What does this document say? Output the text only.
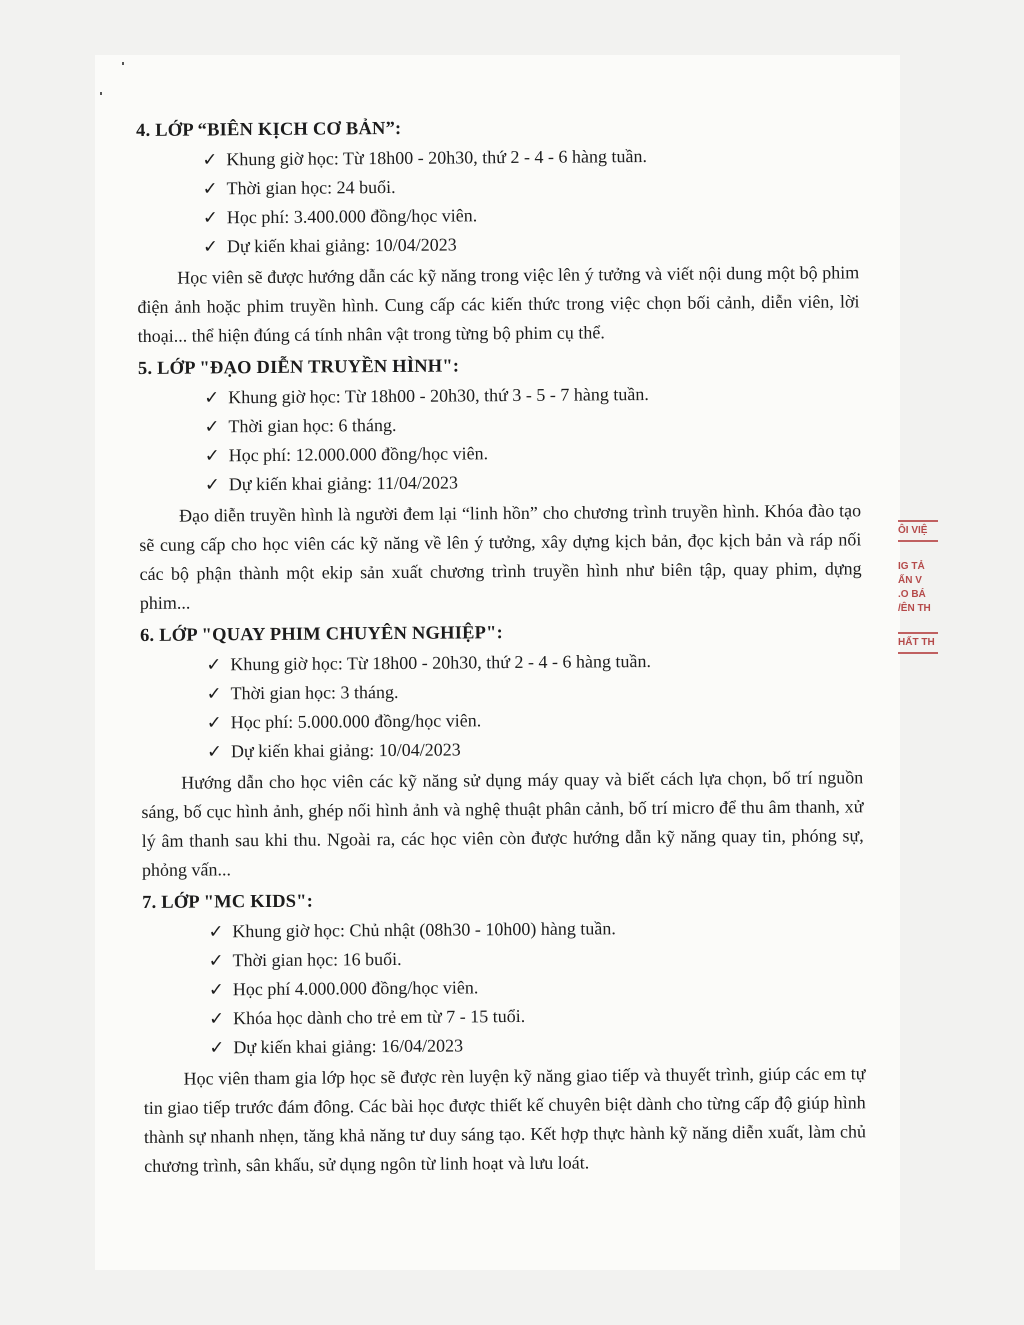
4. LỚP “BIÊN KỊCH CƠ BẢN”:
✓ Khung giờ học: Từ 18h00 - 20h30, thứ 2 - 4 - 6 hàng tuần.
✓ Thời gian học: 24 buổi.
✓ Học phí: 3.400.000 đồng/học viên.
✓ Dự kiến khai giảng: 10/04/2023

Học viên sẽ được hướng dẫn các kỹ năng trong việc lên ý tưởng và viết nội dung một bộ phim điện ảnh hoặc phim truyền hình. Cung cấp các kiến thức trong việc chọn bối cảnh, diễn viên, lời thoại... thể hiện đúng cá tính nhân vật trong từng bộ phim cụ thể.

5. LỚP "ĐẠO DIỄN TRUYỀN HÌNH":
✓ Khung giờ học: Từ 18h00 - 20h30, thứ 3 - 5 - 7 hàng tuần.
✓ Thời gian học: 6 tháng.
✓ Học phí: 12.000.000 đồng/học viên.
✓ Dự kiến khai giảng: 11/04/2023

Đạo diễn truyền hình là người đem lại “linh hồn” cho chương trình truyền hình. Khóa đào tạo sẽ cung cấp cho học viên các kỹ năng về lên ý tưởng, xây dựng kịch bản, đọc kịch bản và ráp nối các bộ phận thành một ekip sản xuất chương trình truyền hình như biên tập, quay phim, dựng phim...

6. LỚP "QUAY PHIM CHUYÊN NGHIỆP":
✓ Khung giờ học: Từ 18h00 - 20h30, thứ 2 - 4 - 6 hàng tuần.
✓ Thời gian học: 3 tháng.
✓ Học phí: 5.000.000 đồng/học viên.
✓ Dự kiến khai giảng: 10/04/2023

Hướng dẫn cho học viên các kỹ năng sử dụng máy quay và biết cách lựa chọn, bố trí nguồn sáng, bố cục hình ảnh, ghép nối hình ảnh và nghệ thuật phân cảnh, bố trí micro để thu âm thanh, xử lý âm thanh sau khi thu. Ngoài ra, các học viên còn được hướng dẫn kỹ năng quay tin, phóng sự, phỏng vấn...

7. LỚP "MC KIDS":
✓ Khung giờ học: Chủ nhật (08h30 - 10h00) hàng tuần.
✓ Thời gian học: 16 buổi.
✓ Học phí 4.000.000 đồng/học viên.
✓ Khóa học dành cho trẻ em từ 7 - 15 tuổi.
✓ Dự kiến khai giảng: 16/04/2023

Học viên tham gia lớp học sẽ được rèn luyện kỹ năng giao tiếp và thuyết trình, giúp các em tự tin giao tiếp trước đám đông. Các bài học được thiết kế chuyên biệt dành cho từng cấp độ giúp hình thành sự nhanh nhẹn, tăng khả năng tư duy sáng tạo. Kết hợp thực hành kỹ năng diễn xuất, làm chủ chương trình, sân khấu, sử dụng ngôn từ linh hoạt và lưu loát.

ÔI VIỆ
IG TẢ
ẤN V
.O BÁ
/ÊN TH
HẤT TH
